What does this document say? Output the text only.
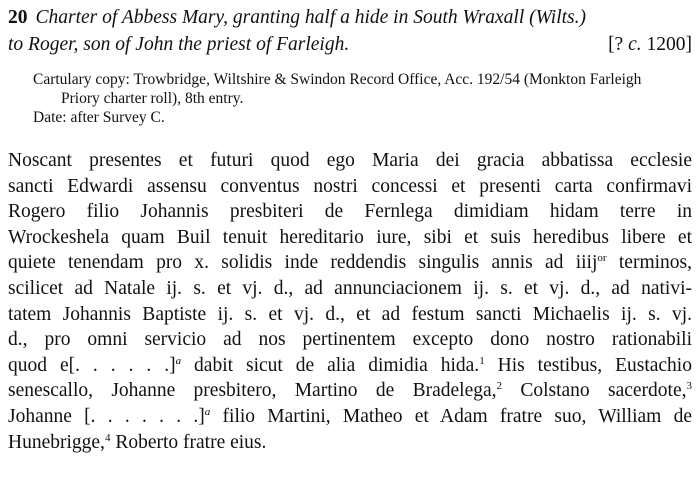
20 Charter of Abbess Mary, granting half a hide in South Wraxall (Wilts.)
to Roger, son of John the priest of Farleigh.	[? c. 1200]
Cartulary copy: Trowbridge, Wiltshire & Swindon Record Office, Acc. 192/54 (Monkton Farleigh Priory charter roll), 8th entry.
Date: after Survey C.

Noscant presentes et futuri quod ego Maria dei gracia abbatissa ecclesie

sancti Edwardi assensu conventus nostri concessi et presenti carta confirmavi

Rogero filio Johannis presbiteri de Fernlega dimidiam hidam terre in

Wrockeshela quam Buil tenuit hereditario iure, sibi et suis heredibus libere et

quiete tenendam pro x. solidis inde reddendis singulis annis ad iiij$^{or}$ terminos,

scilicet ad Natale ij. s. et vj. d., ad annunciacionem ij. s. et vj. d., ad nativi-

tatem Johannis Baptiste ij. s. et vj. d., et ad festum sancti Michaelis ij. s. vj.

d., pro omni servicio ad nos pertinentem excepto dono nostro rationabili

quod e[. . . . . .]$^a$ dabit sicut de alia dimidia hida.$^1$ His testibus, Eustachio

senescallo, Johanne presbitero, Martino de Bradelega,$^2$ Colstano sacerdote,$^3$

Johanne [. . . . . . .]$^a$ filio Martini, Matheo et Adam fratre suo, William de

Hunebrigge,$^4$ Roberto fratre eius.
